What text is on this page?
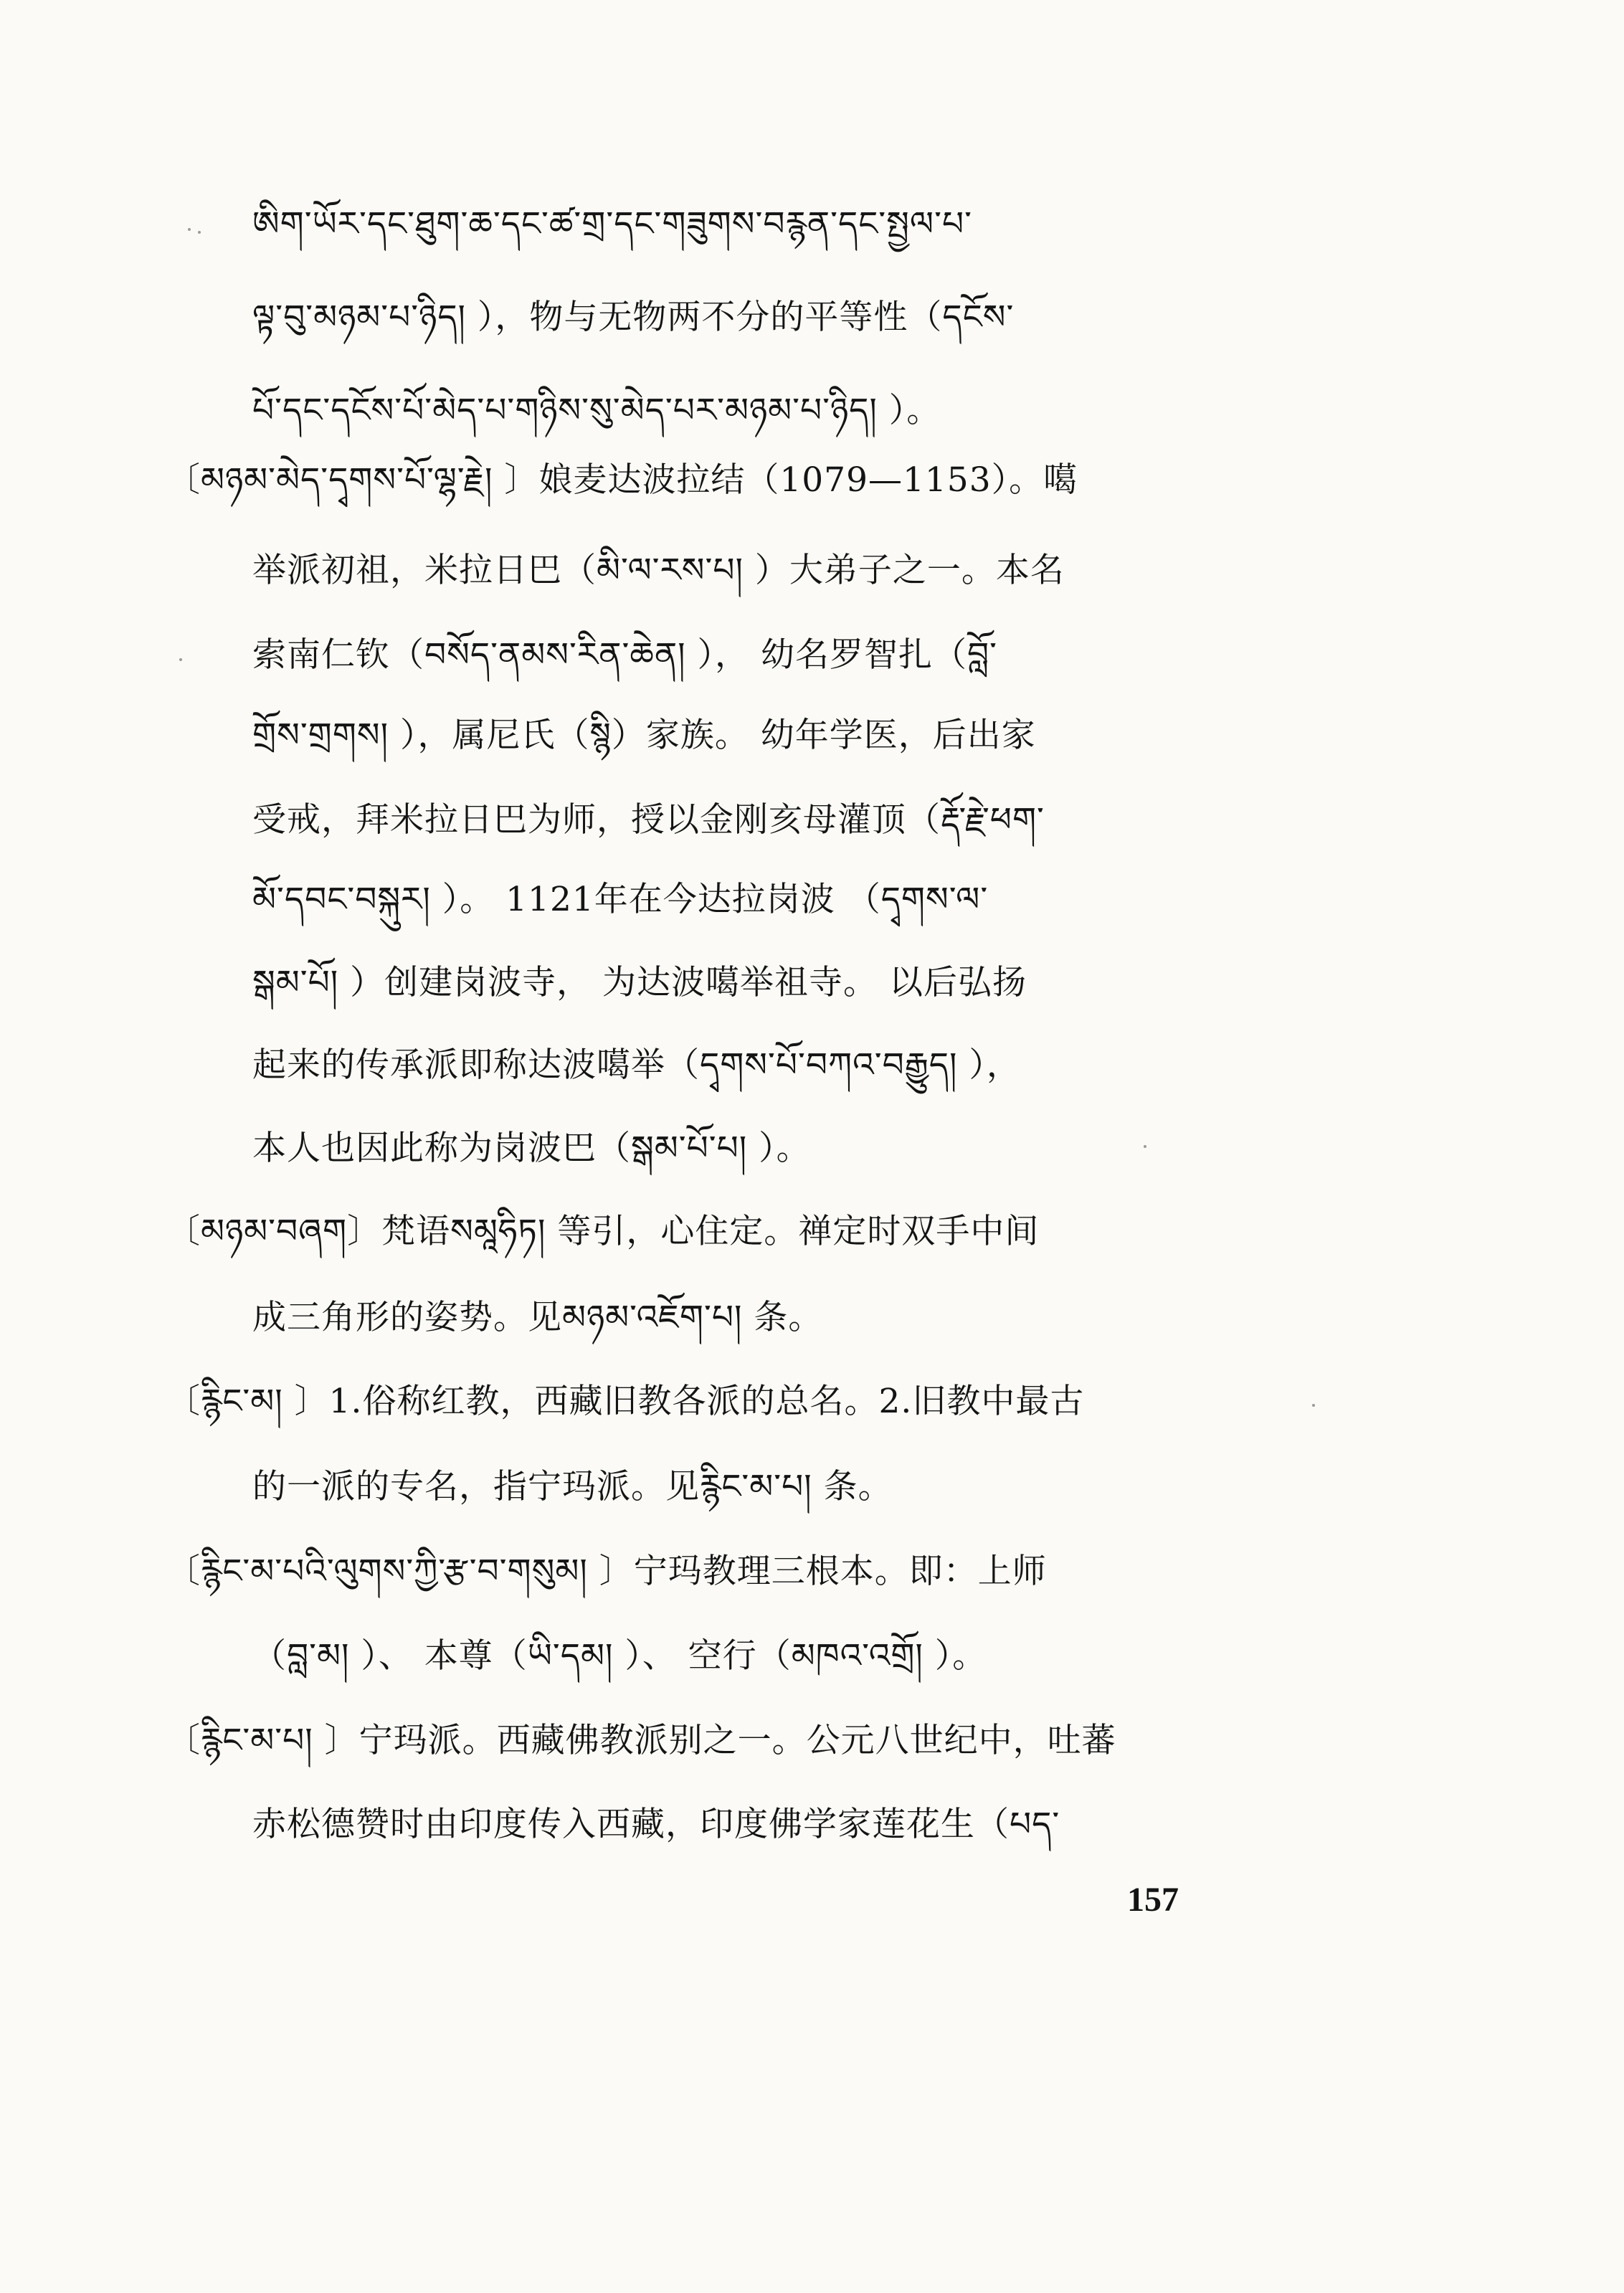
ཨིག་ཡོར་དང་ཐུག་ཆ་དང་ཚ་གྲ་དང་གཟུགས་བརྙན་དང་སྤྱལ་པ་
ལྟ་བུ་མཉམ་པ་ཉིད། ），物与无物两不分的平等性（དངོས་
པོ་དང་དངོས་པོ་མེད་པ་གཉིས་སུ་མེད་པར་མཉམ་པ་ཉིད། ）。
〔མཉམ་མེད་དྭགས་པོ་ལྷ་རྗེ། 〕娘麦达波拉结（1079—1153）。噶
举派初祖，米拉日巴（མི་ལ་རས་པ། ）大弟子之一。本名
索南仁钦（བསོད་ནམས་རིན་ཆེན། ）， 幼名罗智扎（བློ་
གྲོས་གྲགས། ），属尼氏（སྙི）家族。 幼年学医，后出家
受戒，拜米拉日巴为师，授以金刚亥母灌顶（རྡོ་རྗེ་ཕག་
མོ་དབང་བསྐུར། ）。 1121年在今达拉岗波 （དྭགས་ལ་
སྒམ་པོ། ）创建岗波寺， 为达波噶举祖寺。 以后弘扬
起来的传承派即称达波噶举（དྭགས་པོ་བཀའ་བརྒྱུད། ），
本人也因此称为岗波巴（སྒམ་པོ་པ། ）。
〔མཉམ་བཞག〕梵语སམཱཧིཏ། 等引，心住定。禅定时双手中间
成三角形的姿势。见མཉམ་འཇོག་པ། 条。
〔རྙིང་མ། 〕1.俗称红教，西藏旧教各派的总名。2.旧教中最古
的一派的专名，指宁玛派。见རྙིང་མ་པ། 条。
〔རྙིང་མ་པའི་ལུགས་ཀྱི་རྩ་བ་གསུམ། 〕宁玛教理三根本。即：上师
（བླ་མ། ）、 本尊（ཡི་དམ། ）、 空行（མཁའ་འགྲོ། ）。
〔རྙིང་མ་པ། 〕宁玛派。西藏佛教派别之一。公元八世纪中，吐蕃
赤松德赞时由印度传入西藏，印度佛学家莲花生（པད་
157
